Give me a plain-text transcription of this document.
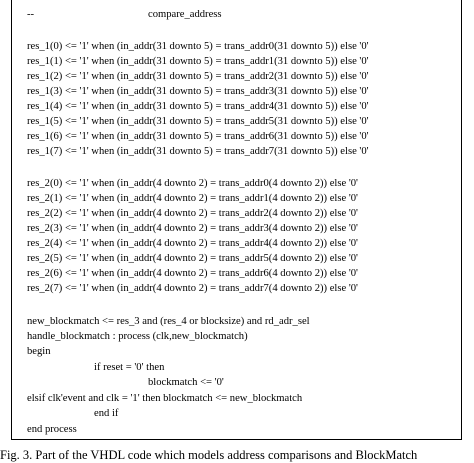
--	compare_address
res_1(0) <= '1' when (in_addr(31 downto 5) = trans_addr0(31 downto 5)) else '0'
res_1(1) <= '1' when (in_addr(31 downto 5) = trans_addr1(31 downto 5)) else '0'
res_1(2) <= '1' when (in_addr(31 downto 5) = trans_addr2(31 downto 5)) else '0'
res_1(3) <= '1' when (in_addr(31 downto 5) = trans_addr3(31 downto 5)) else '0'
res_1(4) <= '1' when (in_addr(31 downto 5) = trans_addr4(31 downto 5)) else '0'
res_1(5) <= '1' when (in_addr(31 downto 5) = trans_addr5(31 downto 5)) else '0'
res_1(6) <= '1' when (in_addr(31 downto 5) = trans_addr6(31 downto 5)) else '0'
res_1(7) <= '1' when (in_addr(31 downto 5) = trans_addr7(31 downto 5)) else '0'
res_2(0) <= '1' when (in_addr(4 downto 2) = trans_addr0(4 downto 2)) else '0'
res_2(1) <= '1' when (in_addr(4 downto 2) = trans_addr1(4 downto 2)) else '0'
res_2(2) <= '1' when (in_addr(4 downto 2) = trans_addr2(4 downto 2)) else '0'
res_2(3) <= '1' when (in_addr(4 downto 2) = trans_addr3(4 downto 2)) else '0'
res_2(4) <= '1' when (in_addr(4 downto 2) = trans_addr4(4 downto 2)) else '0'
res_2(5) <= '1' when (in_addr(4 downto 2) = trans_addr5(4 downto 2)) else '0'
res_2(6) <= '1' when (in_addr(4 downto 2) = trans_addr6(4 downto 2)) else '0'
res_2(7) <= '1' when (in_addr(4 downto 2) = trans_addr7(4 downto 2)) else '0'
new_blockmatch <= res_3 and (res_4 or blocksize) and rd_adr_sel
handle_blockmatch : process (clk,new_blockmatch)
begin
if reset = '0' then
blockmatch <= '0'
elsif clk'event and clk = '1' then blockmatch <= new_blockmatch
end if
end process
Fig. 3. Part of the VHDL code which models address comparisons and BlockMatch
